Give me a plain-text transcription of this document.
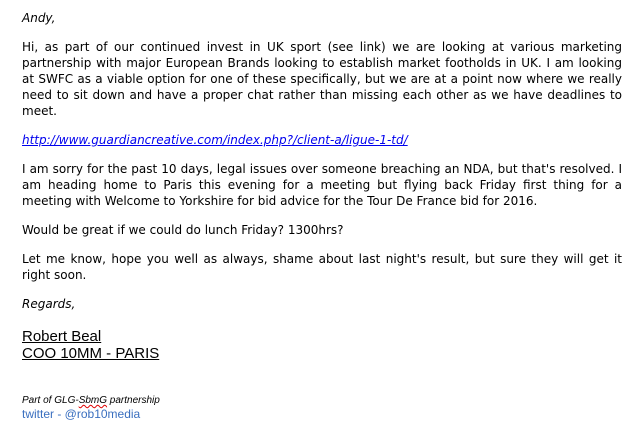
Andy,
Hi, as part of our continued invest in UK sport (see link) we are looking at various marketing partnership with major European Brands looking to establish market footholds in UK. I am looking at SWFC as a viable option for one of these specifically, but we are at a point now where we really need to sit down and have a proper chat rather than missing each other as we have deadlines to meet.
http://www.guardiancreative.com/index.php?/client-a/ligue-1-td/
I am sorry for the past 10 days, legal issues over someone breaching an NDA, but that's resolved. I am heading home to Paris this evening for a meeting but flying back Friday first thing for a meeting with Welcome to Yorkshire for bid advice for the Tour De France bid for 2016.
Would be great if we could do lunch Friday? 1300hrs?
Let me know, hope you well as always, shame about last night's result, but sure they will get it right soon.
Regards,
Robert Beal
COO 10MM - PARIS
Part of GLG-SbmG partnership
twitter - @rob10media
